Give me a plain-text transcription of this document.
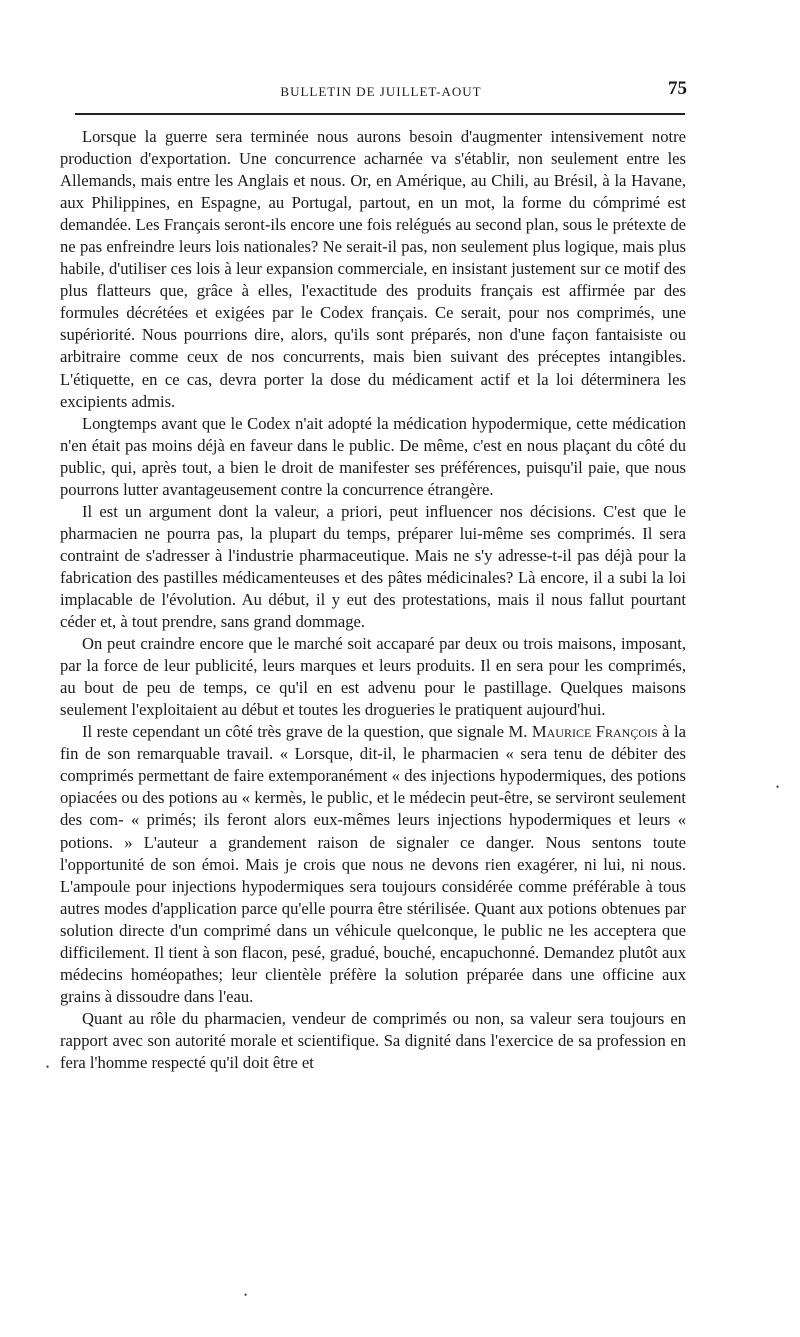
BULLETIN DE JUILLET-AOUT	75

Lorsque la guerre sera terminée nous aurons besoin d'augmenter intensivement notre production d'exportation. Une concurrence acharnée va s'établir, non seulement entre les Allemands, mais entre les Anglais et nous. Or, en Amérique, au Chili, au Brésil, à la Havane, aux Philippines, en Espagne, au Portugal, partout, en un mot, la forme du cómprimé est demandée. Les Français seront-ils encore une fois relégués au second plan, sous le prétexte de ne pas enfreindre leurs lois nationales? Ne serait-il pas, non seulement plus logique, mais plus habile, d'utiliser ces lois à leur expansion commerciale, en insistant justement sur ce motif des plus flatteurs que, grâce à elles, l'exactitude des produits français est affirmée par des formules décrétées et exigées par le Codex français. Ce serait, pour nos comprimés, une supériorité. Nous pourrions dire, alors, qu'ils sont préparés, non d'une façon fantaisiste ou arbitraire comme ceux de nos concurrents, mais bien suivant des préceptes intangibles. L'étiquette, en ce cas, devra porter la dose du médicament actif et la loi déterminera les excipients admis.

Longtemps avant que le Codex n'ait adopté la médication hypodermique, cette médication n'en était pas moins déjà en faveur dans le public. De même, c'est en nous plaçant du côté du public, qui, après tout, a bien le droit de manifester ses préférences, puisqu'il paie, que nous pourrons lutter avantageusement contre la concurrence étrangère.

Il est un argument dont la valeur, a priori, peut influencer nos décisions. C'est que le pharmacien ne pourra pas, la plupart du temps, préparer lui-même ses comprimés. Il sera contraint de s'adresser à l'industrie pharmaceutique. Mais ne s'y adresse-t-il pas déjà pour la fabrication des pastilles médicamenteuses et des pâtes médicinales? Là encore, il a subi la loi implacable de l'évolution. Au début, il y eut des protestations, mais il nous fallut pourtant céder et, à tout prendre, sans grand dommage.

On peut craindre encore que le marché soit accaparé par deux ou trois maisons, imposant, par la force de leur publicité, leurs marques et leurs produits. Il en sera pour les comprimés, au bout de peu de temps, ce qu'il en est advenu pour le pastillage. Quelques maisons seulement l'exploitaient au début et toutes les drogueries le pratiquent aujourd'hui.

Il reste cependant un côté très grave de la question, que signale M. Maurice François à la fin de son remarquable travail. « Lorsque, dit-il, le pharmacien « sera tenu de débiter des comprimés permettant de faire extemporanément « des injections hypodermiques, des potions opiacées ou des potions au « kermès, le public, et le médecin peut-être, se serviront seulement des com- « primés; ils feront alors eux-mêmes leurs injections hypodermiques et leurs « potions. » L'auteur a grandement raison de signaler ce danger. Nous sentons toute l'opportunité de son émoi. Mais je crois que nous ne devons rien exagérer, ni lui, ni nous. L'ampoule pour injections hypodermiques sera toujours considérée comme préférable à tous autres modes d'application parce qu'elle pourra être stérilisée. Quant aux potions obtenues par solution directe d'un comprimé dans un véhicule quelconque, le public ne les acceptera que difficilement. Il tient à son flacon, pesé, gradué, bouché, encapuchonné. Demandez plutôt aux médecins homéopathes; leur clientèle préfère la solution préparée dans une officine aux grains à dissoudre dans l'eau.

Quant au rôle du pharmacien, vendeur de comprimés ou non, sa valeur sera toujours en rapport avec son autorité morale et scientifique. Sa dignité dans l'exercice de sa profession en fera l'homme respecté qu'il doit être et

•
•
•
